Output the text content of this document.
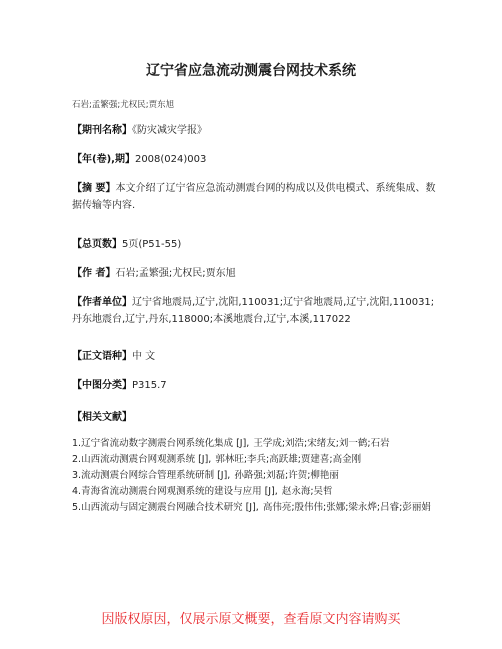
辽宁省应急流动测震台网技术系统
石岩;孟繁强;尤权民;贾东旭
【期刊名称】《防灾减灾学报》
【年(卷),期】2008(024)003
【摘 要】本文介绍了辽宁省应急流动测震台网的构成以及供电模式、系统集成、数据传输等内容.
【总页数】5页(P51-55)
【作 者】石岩;孟繁强;尤权民;贾东旭
【作者单位】辽宁省地震局,辽宁,沈阳,110031;辽宁省地震局,辽宁,沈阳,110031;丹东地震台,辽宁,丹东,118000;本溪地震台,辽宁,本溪,117022
【正文语种】中 文
【中图分类】P315.7
【相关文献】
1.辽宁省流动数字测震台网系统化集成 [J], 王学成;刘浩;宋绪友;刘一鹤;石岩
2.山西流动测震台网观测系统 [J], 郭林旺;李兵;高跃雄;贾建喜;高金刚
3.流动测震台网综合管理系统研制 [J], 孙路强;刘磊;许贺;柳艳丽
4.青海省流动测震台网观测系统的建设与应用 [J], 赵永海;吴哲
5.山西流动与固定测震台网融合技术研究 [J], 高伟亮;殷伟伟;张娜;梁永烨;吕睿;彭丽娟
因版权原因，仅展示原文概要，查看原文内容请购买
